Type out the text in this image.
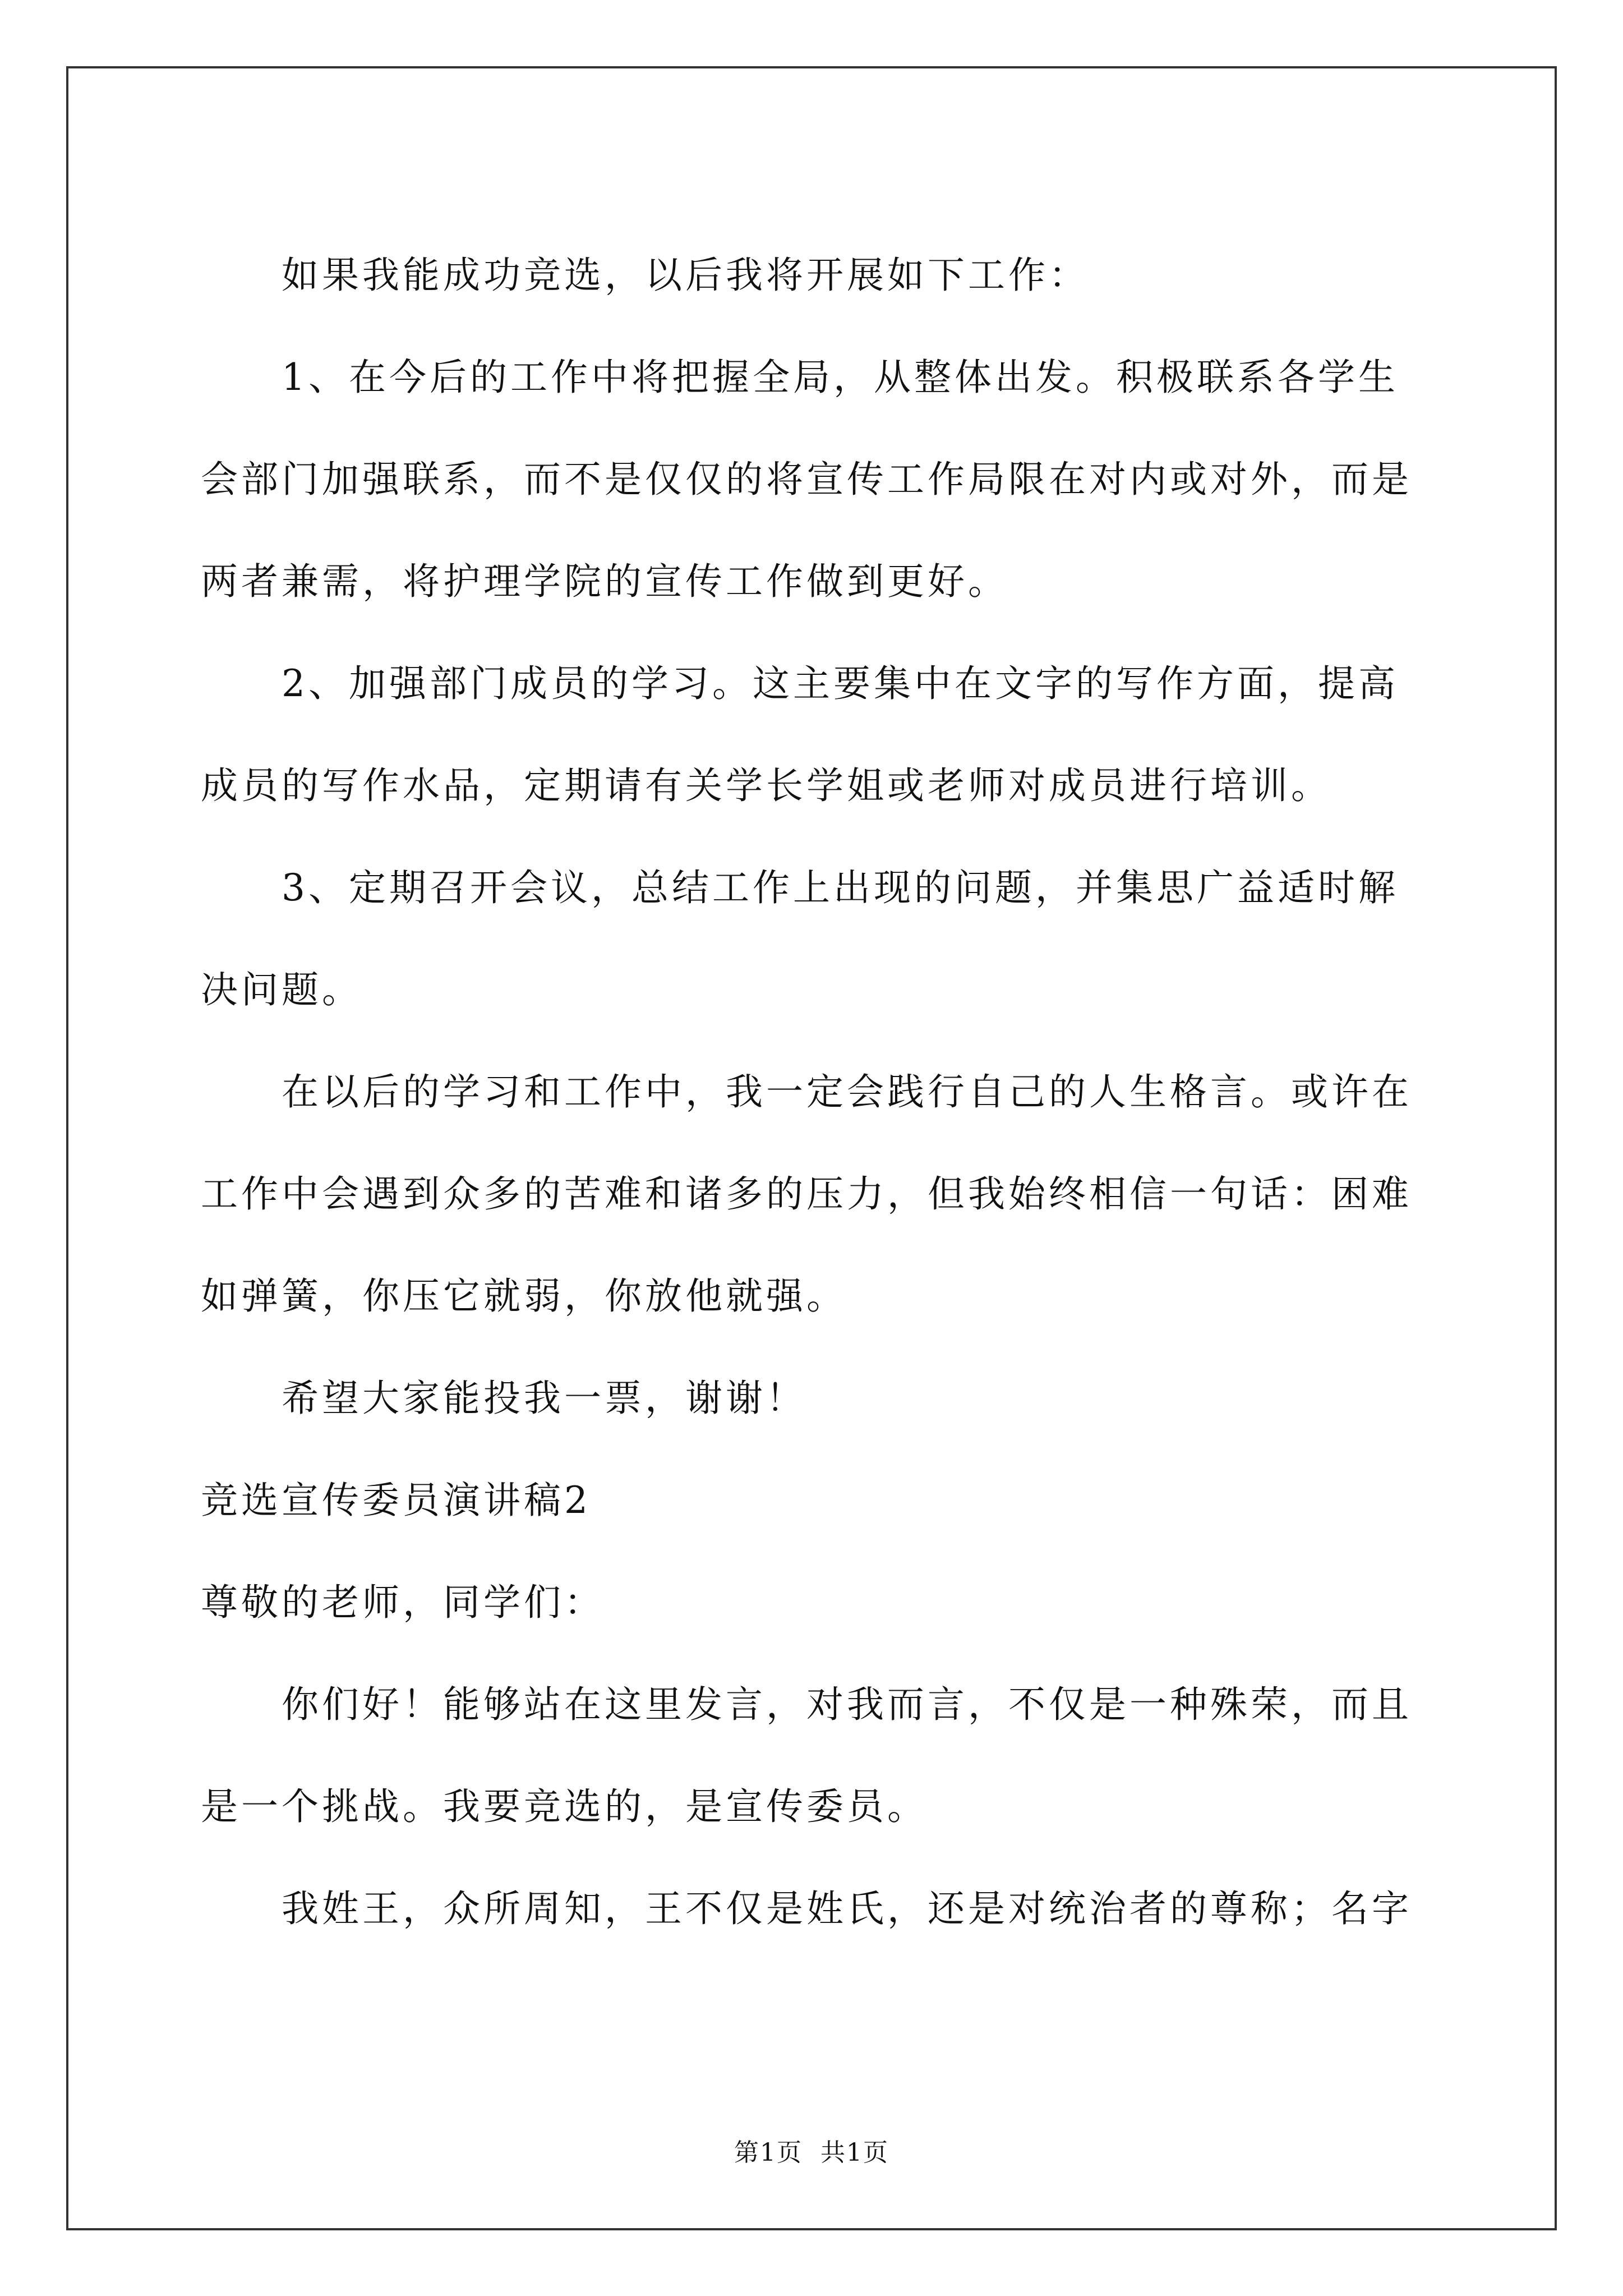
如果我能成功竞选，以后我将开展如下工作：

1、在今后的工作中将把握全局，从整体出发。积极联系各学生会部门加强联系，而不是仅仅的将宣传工作局限在对内或对外，而是两者兼需，将护理学院的宣传工作做到更好。

2、加强部门成员的学习。这主要集中在文字的写作方面，提高成员的写作水品，定期请有关学长学姐或老师对成员进行培训。

3、定期召开会议，总结工作上出现的问题，并集思广益适时解决问题。

在以后的学习和工作中，我一定会践行自己的人生格言。或许在工作中会遇到众多的苦难和诸多的压力，但我始终相信一句话：困难如弹簧，你压它就弱，你放他就强。

希望大家能投我一票，谢谢！

竞选宣传委员演讲稿2

尊敬的老师，同学们：

你们好！能够站在这里发言，对我而言，不仅是一种殊荣，而且是一个挑战。我要竞选的，是宣传委员。

我姓王，众所周知，王不仅是姓氏，还是对统治者的尊称；名字

第1页 共1页
